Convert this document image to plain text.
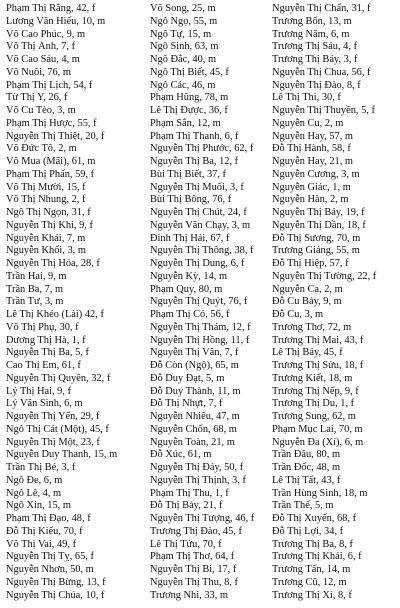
Phạm Thị Rằng, 42, f
Lương Văn Hiếu, 10, m
Võ Cao Phúc, 9, m
Võ Thị Ánh, 7, f
Võ Cao Sáu, 4, m
Võ Nuôi, 76, m
Phạm Thị Lịch, 54, f
Từ Thị Y, 26, f
Võ Cu Tèo, 3, m
Phạm Thị Hược, 55, f
Nguyễn Thị Thiệt, 20, f
Võ Đức Tô, 2, m
Võ Mua (Mãi), 61, m
Phạm Thị Phấn, 59, f
Võ Thị Mười, 15, f
Võ Thị Nhung, 2, f
Ngô Thị Ngọn, 31, f
Nguyễn Thị Khi, 9, f
Nguyễn Khải, 7, m
Nguyễn Khối, 3, m
Nguyễn Thị Hóa, 28, f
Trần Hai, 9, m
Trần Ba, 7, m
Trần Tư, 3, m
Lê Thị Khéo (Lài) 42, f
Võ Thị Phụ, 30, f
Dương Thị Hà, 1, f
Nguyễn Thị Ba, 5, f
Cao Thị Em, 61, f
Nguyễn Thị Quyên, 32, f
Lý Thị Hai, 9, f
Lý Văn Sinh, 6, m
Nguyễn Thị Yến, 29, f
Ngô Thị Cát (Một), 45, f
Nguyễn Thị Một, 23, f
Nguyễn Duy Thanh, 15, m
Trần Thị Bé, 3, f
Ngô Đe, 6, m
Ngô Lê, 4, m
Ngô Xin, 15, m
Phạm Thị Đạo, 48, f
Đỗ Thị Kiếu, 70, f
Võ Thị Vai, 49, f
Nguyễn Thị Tỵ, 65, f
Nguyễn Nhơn, 50, m
Nguyễn Thị Bừng, 13, f
Nguyễn Thị Chúa, 10, f
Võ Song, 25, m
Ngô Ngọ, 55, m
Ngô Tự, 15, m
Ngô Sinh, 63, m
Ngô Đắc, 40, m
Ngô Thị Biết, 45, f
Ngô Các, 46, m
Phạm Hũng, 78, m
Lê Thị Được, 36, f
Phạm Sắn, 12, m
Phạm Thị Thanh, 6, f
Nguyễn Thị Phước, 62, f
Nguyễn Thị Ba, 12, f
Bùi Thị Biết, 37, f
Nguyễn Thị Muối, 3, f
Bùi Thị Bông, 76, f
Nguyễn Thị Chút, 24, f
Nguyễn Văn Chạy, 3, m
Đinh Thị Hải, 67, f
Nguyễn Thị Thông, 38, f
Nguyễn Thị Dung, 6, f
Nguyễn Kỳ, 14, m
Phạm Quy, 80, m
Nguyễn Thị Quýt, 76, f
Phạm Thị Có, 56, f
Nguyễn Thị Thám, 12, f
Nguyễn Thị Hồng, 11, f
Nguyễn Thị Vân, 7, f
Đỗ Còn (Ngộ), 65, m
Đỗ Duy Đạt, 5, m
Đỗ Duy Thành, 11, m
Đỗ Thị Nhựt, 7, f
Nguyễn Nhiêu, 47, m
Nguyễn Chốn, 68, m
Nguyễn Toàn, 21, m
Đỗ Xúc, 61, m
Nguyễn Thị Đáy, 50, f
Nguyễn Thị Thịnh, 3, f
Phạm Thị Thu, 1, f
Đỗ Thị Bảy, 21, f
Nguyễn Thị Tượng, 46, f
Trương Thị Đào, 45, f
Lê Thị Tửu, 70, f
Phạm Thị Thơ, 64, f
Nguyễn Thị Bi, 17, f
Nguyễn Thị Thu, 8, f
Trương Nhi, 33, m
Nguyễn Thị Chấn, 31, f
Trương Bốn, 13, m
Trương Năm, 6, m
Trương Thị Sáu, 4, f
Trương Thị Bảy, 3, f
Nguyễn Thị Chua, 56, f
Nguyễn Thị Đào, 8, f
Lê Thị Thi, 30, f
Nguyễn Thị Thuyền, 5, f
Nguyễn Cu, 2, m
Nguyễn Hay, 57, m
Đỗ Thị Hành, 58, f
Nguyễn Hay, 21, m
Nguyễn Cương, 3, m
Nguyễn Giác, 1, m
Nguyễn Hàn, 2, m
Nguyễn Thị Bảy, 19, f
Nguyễn Thị Dần, 18, f
Đỗ Thị Sương, 70, m
Trương Giảng, 55, m
Đỗ Thị Hiệp, 57, f
Nguyễn Thị Tường, 22, f
Nguyễn Ca, 2, m
Đỗ Cu Bảy, 9, m
Đỗ Cu, 3, m
Trương Thơ, 72, m
Trương Thị Mai, 43, f
Lê Thị Bảy, 45, f
Trương Thị Sửu, 18, f
Trương Kiết, 18, m
Trương Thị Nếp, 9, f
Trương Thị Du, 1, f
Trương Sung, 62, m
Phạm Mục Lai, 70, m
Nguyễn Đa (Xí), 6, m
Trần Đâu, 80, m
Trần Đốc, 48, m
Lê Thị Tất, 43, f
Trần Hùng Sinh, 18, m
Trần Thể, 5, m
Đỗ Thị Xuyến, 68, f
Đỗ Thị Lợi, 34, f
Trương Thị Ba, 8, f
Trương Thị Khải, 6, f
Trương Tấn, 14, m
Trương Cũ, 12, m
Trương Thị Xí, 8, f
